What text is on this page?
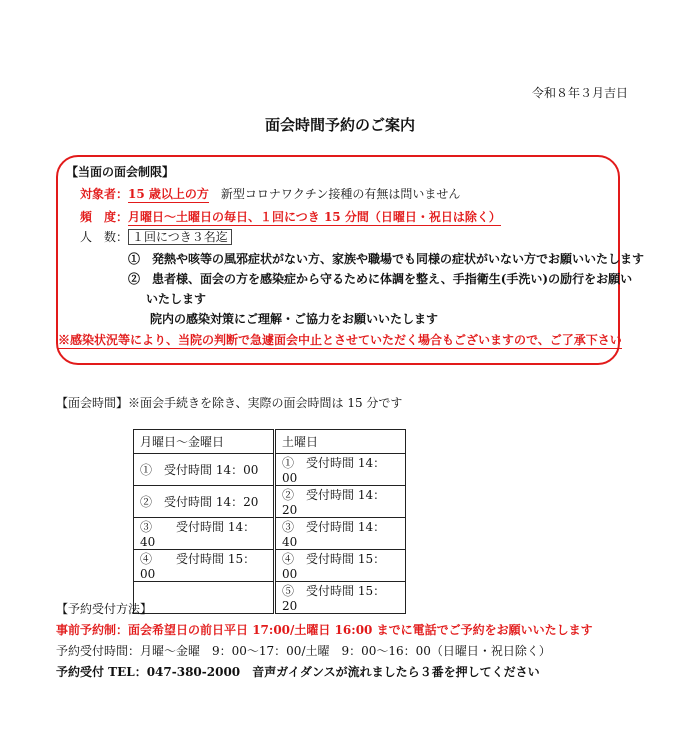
令和８年３月吉日
面会時間予約のご案内
【当面の面会制限】
対象者：15 歳以上の方　 新型コロナワクチン接種の有無は問いません
頻　度：月曜日〜土曜日の毎日、１回につき 15 分間（日曜日・祝日は除く）
人　数： １回につき３名迄
①　 発熱や咳等の風邪症状がない方、家族や職場でも同様の症状がいない方でお願いいたします
②　 患者様、面会の方を感染症から守るために体調を整え、手指衛生(手洗い)の励行をお願い
いたします
院内の感染対策にご理解・ご協力をお願いいたします
※感染状況等により、当院の判断で急遽面会中止とさせていただく場合もございますので、ご了承下さい
【面会時間】※面会手続きを除き、実際の面会時間は 15 分です
月曜日〜金曜日	土曜日
①　受付時間 14：00	①　受付時間 14：00
②　受付時間 14：20	②　受付時間 14：20
③　　受付時間 14：40	③　受付時間 14：40
④　　受付時間 15：00	④　受付時間 15：00
	⑤　受付時間 15：20
【予約受付方法】
事前予約制：面会希望日の前日平日 17:00/土曜日 16:00 までに電話でご予約をお願いいたします
予約受付時間：月曜〜金曜　9：00〜17：00/土曜　9：00〜16：00（日曜日・祝日除く）
予約受付 TEL：047-380-2000　 音声ガイダンスが流れましたら３番を押してください
